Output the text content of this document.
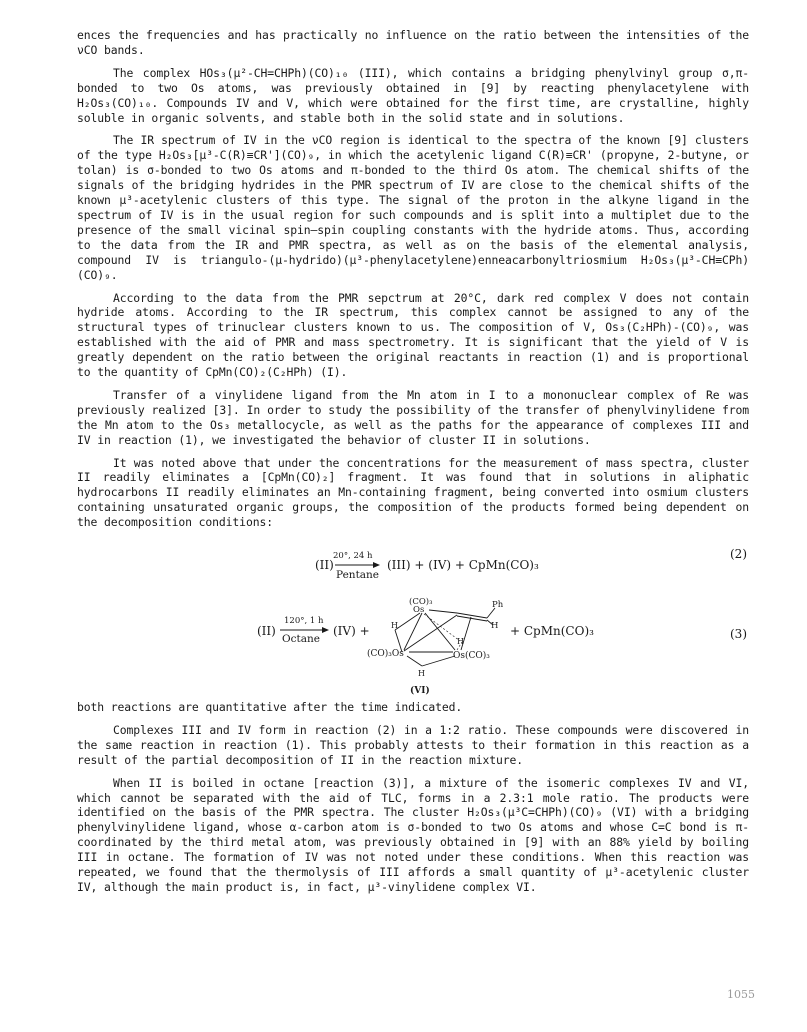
ences the frequencies and has practically no influence on the ratio between the intensities of the νCO bands.

The complex HOs₃(μ²-CH=CHPh)(CO)₁₀ (III), which contains a bridging phenylvinyl group σ,π-bonded to two Os atoms, was previously obtained in [9] by reacting phenylacetylene with H₂Os₃(CO)₁₀. Compounds IV and V, which were obtained for the first time, are crystalline, highly soluble in organic solvents, and stable both in the solid state and in solutions.

The IR spectrum of IV in the νCO region is identical to the spectra of the known [9] clusters of the type H₂Os₃[μ³-C(R)≡CR'](CO)₉, in which the acetylenic ligand C(R)≡CR' (propyne, 2-butyne, or tolan) is σ-bonded to two Os atoms and π-bonded to the third Os atom. The chemical shifts of the signals of the bridging hydrides in the PMR spectrum of IV are close to the chemical shifts of the known μ³-acetylenic clusters of this type. The signal of the proton in the alkyne ligand in the spectrum of IV is in the usual region for such compounds and is split into a multiplet due to the presence of the small vicinal spin–spin coupling constants with the hydride atoms. Thus, according to the data from the IR and PMR spectra, as well as on the basis of the elemental analysis, compound IV is triangulo-(μ-hydrido)(μ³-phenylacetylene)enneacarbonyltriosmium H₂Os₃(μ³-CH≡CPh)(CO)₉.

According to the data from the PMR sepctrum at 20°C, dark red complex V does not contain hydride atoms. According to the IR spectrum, this complex cannot be assigned to any of the structural types of trinuclear clusters known to us. The composition of V, Os₃(C₂HPh)-(CO)₉, was established with the aid of PMR and mass spectrometry. It is significant that the yield of V is greatly dependent on the ratio between the original reactants in reaction (1) and is proportional to the quantity of CpMn(CO)₂(C₂HPh) (I).

Transfer of a vinylidene ligand from the Mn atom in I to a mononuclear complex of Re was previously realized [3]. In order to study the possibility of the transfer of phenylvinylidene from the Mn atom to the Os₃ metallocycle, as well as the paths for the appearance of complexes III and IV in reaction (1), we investigated the behavior of cluster II in solutions.

It was noted above that under the concentrations for the measurement of mass spectra, cluster II readily eliminates a [CpMn(CO)₂] fragment. It was found that in solutions in aliphatic hydrocarbons II readily eliminates an Mn-containing fragment, being converted into osmium clusters containing unsaturated organic groups, the composition of the products formed being dependent on the decomposition conditions:

(II)
20°, 24 h
Pentane
(III) + (IV) + CpMn(CO)₃
(2)
(II)
120°, 1 h
Octane
(IV) +
(CO)₃
Os	Ph
H
H
H
H
(CO)₃Os	Os(CO)₃
(VI)
+ CpMn(CO)₃	(3)

both reactions are quantitative after the time indicated.

Complexes III and IV form in reaction (2) in a 1:2 ratio. These compounds were discovered in the same reaction in reaction (1). This probably attests to their formation in this reaction as a result of the partial decomposition of II in the reaction mixture.

When II is boiled in octane [reaction (3)], a mixture of the isomeric complexes IV and VI, which cannot be separated with the aid of TLC, forms in a 2.3:1 mole ratio. The products were identified on the basis of the PMR spectra. The cluster H₂Os₃(μ³C=CHPh)(CO)₉ (VI) with a bridging phenylvinylidene ligand, whose α-carbon atom is σ-bonded to two Os atoms and whose C=C bond is π-coordinated by the third metal atom, was previously obtained in [9] with an 88% yield by boiling III in octane. The formation of IV was not noted under these conditions. When this reaction was repeated, we found that the thermolysis of III affords a small quantity of μ³-acetylenic cluster IV, although the main product is, in fact, μ³-vinylidene complex VI.

1055
